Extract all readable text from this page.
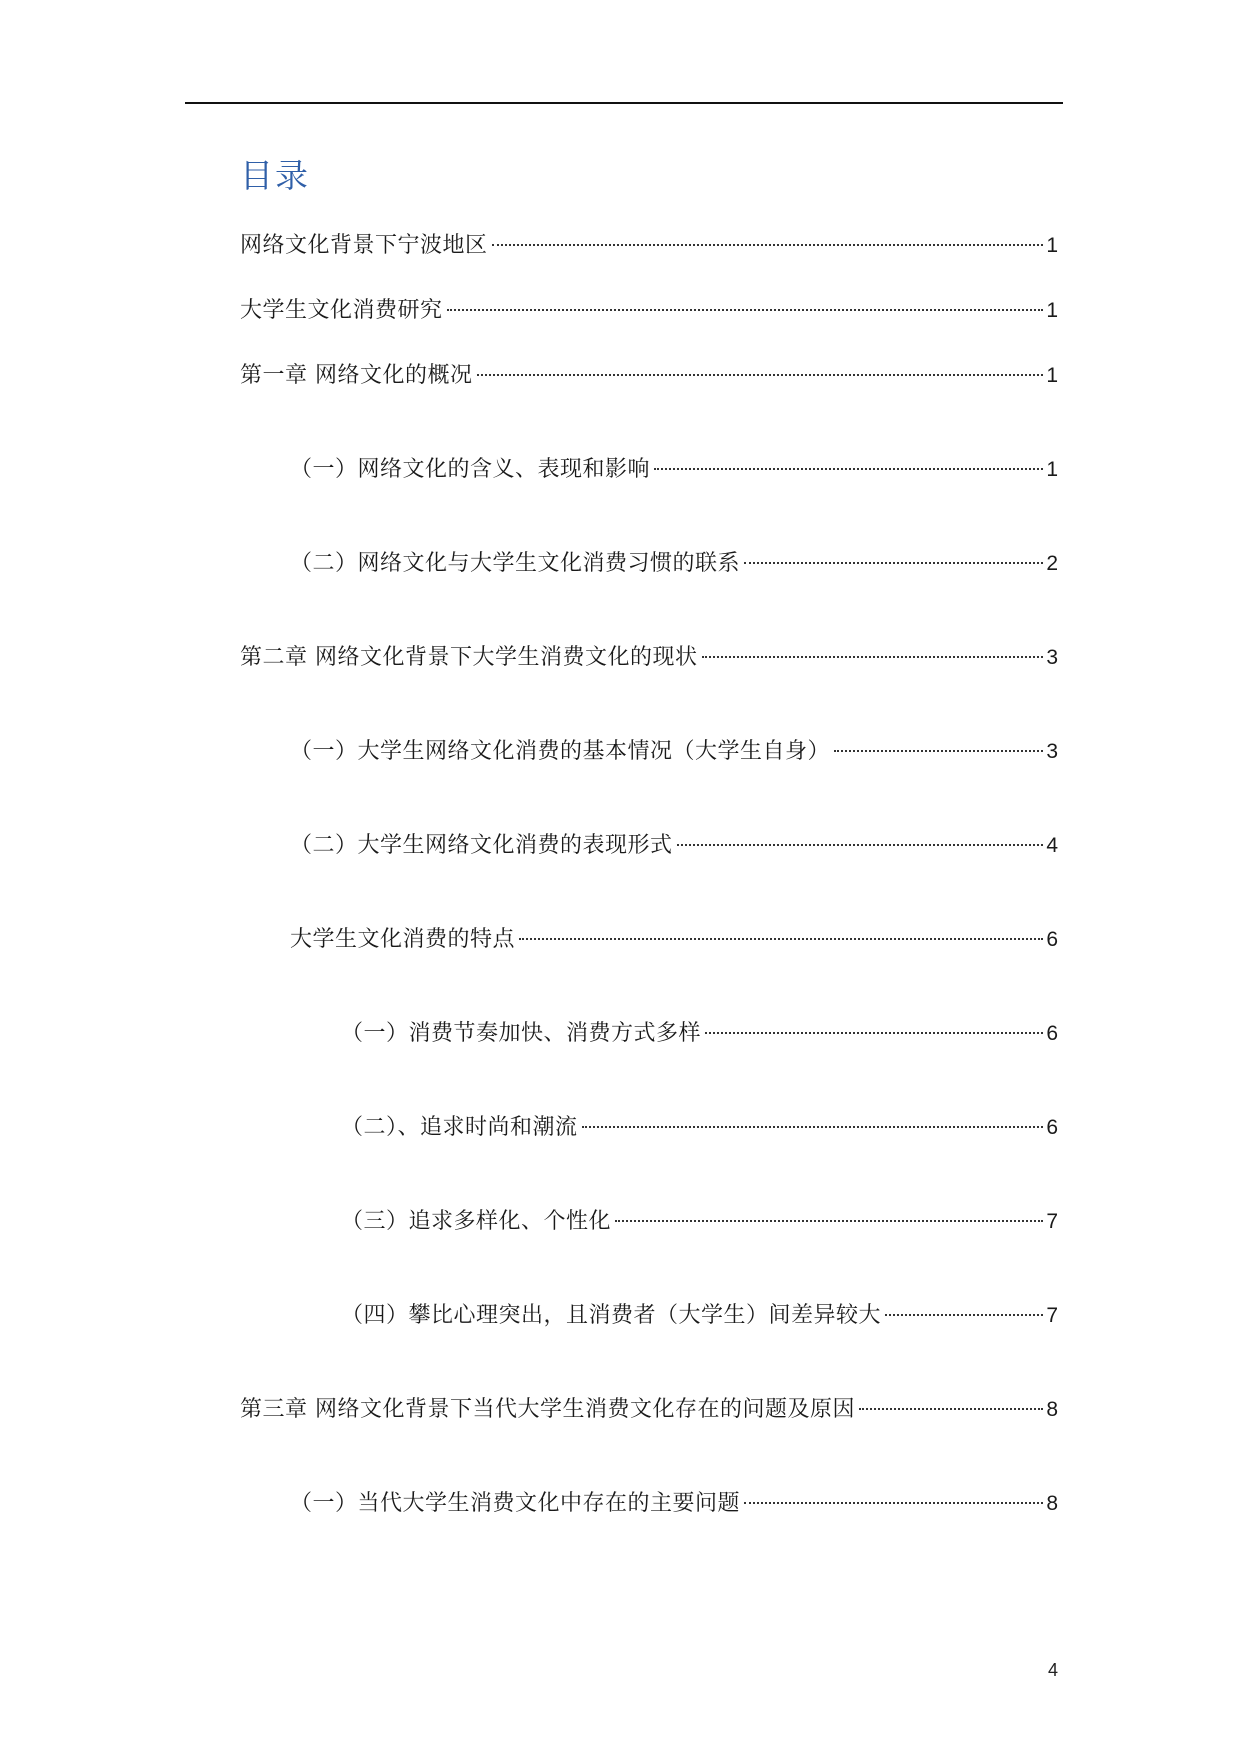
目录
网络文化背景下宁波地区	1
大学生文化消费研究	1
第一章 网络文化的概况	1
（一）网络文化的含义、表现和影响	1
（二）网络文化与大学生文化消费习惯的联系	2
第二章 网络文化背景下大学生消费文化的现状	3
（一）大学生网络文化消费的基本情况（大学生自身）	3
（二）大学生网络文化消费的表现形式	4
大学生文化消费的特点	6
（一）消费节奏加快、消费方式多样	6
（二）、追求时尚和潮流	6
（三）追求多样化、个性化	7
（四）攀比心理突出，且消费者（大学生）间差异较大	7
第三章 网络文化背景下当代大学生消费文化存在的问题及原因	8
（一）当代大学生消费文化中存在的主要问题	8
4
